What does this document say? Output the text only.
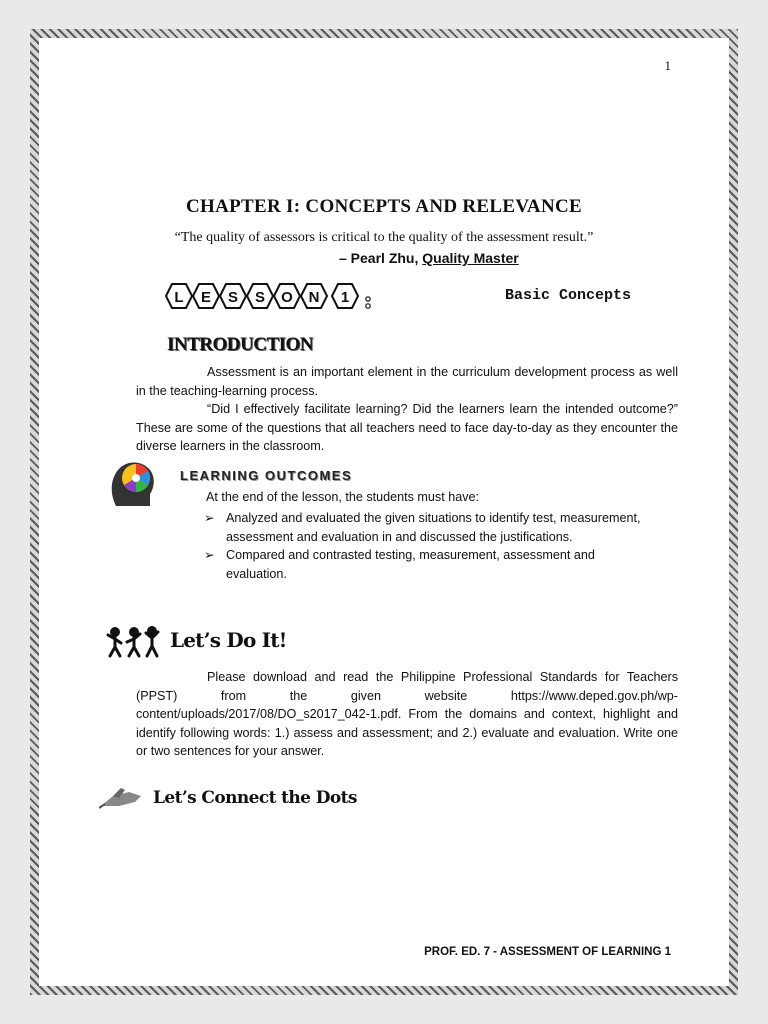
1
CHAPTER I: CONCEPTS AND RELEVANCE
“The quality of assessors is critical to the quality of the assessment result.”
– Pearl Zhu, Quality Master
L E S S O N 1	Basic Concepts
INTRODUCTION
Assessment is an important element in the curriculum development process as well in the teaching-learning process.
“Did I effectively facilitate learning? Did the learners learn the intended outcome?” These are some of the questions that all teachers need to face day-to-day as they encounter the diverse learners in the classroom.
LEARNING OUTCOMES
At the end of the lesson, the students must have:
➢ Analyzed and evaluated the given situations to identify test, measurement, assessment and evaluation in and discussed the justifications.
➢ Compared and contrasted testing, measurement, assessment and evaluation.
Let’s Do It!
Please download and read the Philippine Professional Standards for Teachers (PPST) from the given website https://www.deped.gov.ph/wp-content/uploads/2017/08/DO_s2017_042-1.pdf. From the domains and context, highlight and identify following words: 1.) assess and assessment; and 2.) evaluate and evaluation. Write one or two sentences for your answer.
Let’s Connect the Dots
PROF. ED. 7 - ASSESSMENT OF LEARNING 1
